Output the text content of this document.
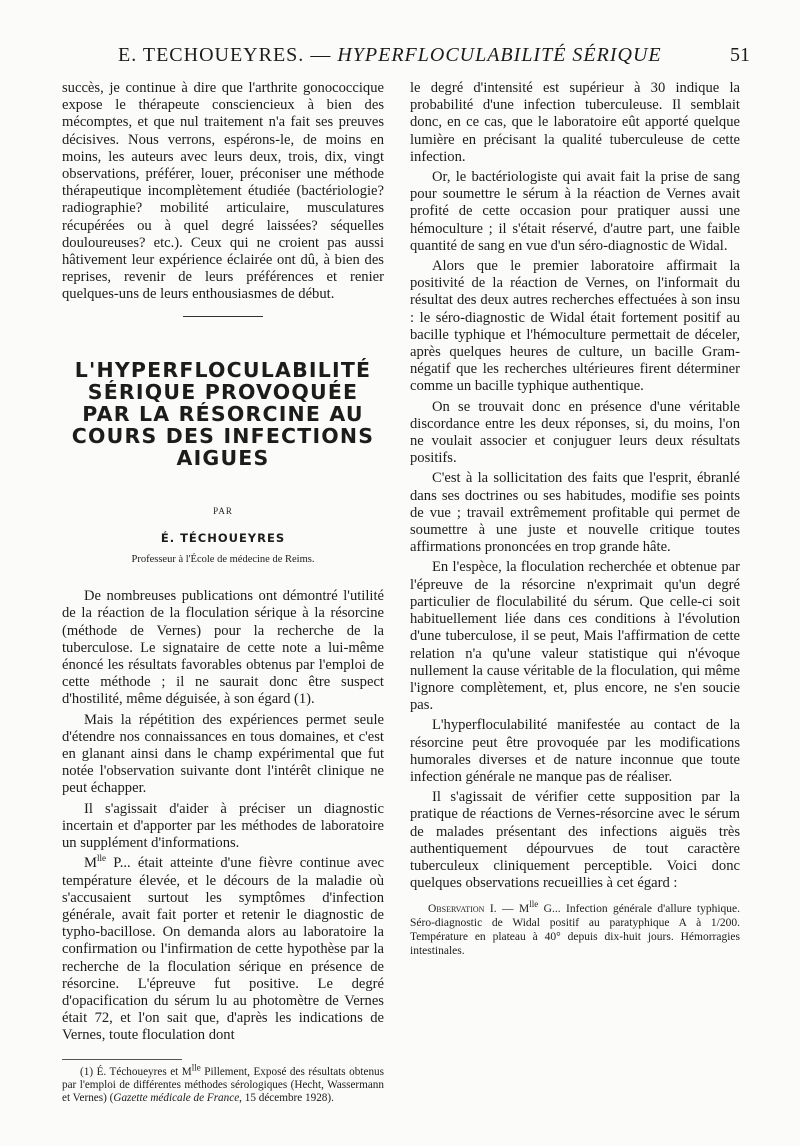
E. TECHOUEYRES. — HYPERFLOCULABILITÉ SÉRIQUE	51

succès, je continue à dire que l'arthrite gonococcique expose le thérapeute consciencieux à bien des mécomptes, et que nul traitement n'a fait ses preuves décisives. Nous verrons, espérons-le, de moins en moins, les auteurs avec leurs deux, trois, dix, vingt observations, préférer, louer, préconiser une méthode thérapeutique incomplètement étudiée (bactériologie? radiographie? mobilité articulaire, musculatures récupérées ou à quel degré laissées? séquelles douloureuses? etc.). Ceux qui ne croient pas aussi hâtivement leur expérience éclairée ont dû, à bien des reprises, revenir de leurs préférences et renier quelques-uns de leurs enthousiasmes de début.

L'HYPERFLOCULABILITÉ SÉRIQUE PROVOQUÉE PAR LA RÉSORCINE AU COURS DES INFECTIONS AIGUES
PAR
É. TÉCHOUEYRES
Professeur à l'École de médecine de Reims.

De nombreuses publications ont démontré l'utilité de la réaction de la floculation sérique à la résorcine (méthode de Vernes) pour la recherche de la tuberculose. Le signataire de cette note a lui-même énoncé les résultats favorables obtenus par l'emploi de cette méthode ; il ne saurait donc être suspect d'hostilité, même déguisée, à son égard (1).

Mais la répétition des expériences permet seule d'étendre nos connaissances en tous domaines, et c'est en glanant ainsi dans le champ expérimental que fut notée l'observation suivante dont l'intérêt clinique ne peut échapper.

Il s'agissait d'aider à préciser un diagnostic incertain et d'apporter par les méthodes de laboratoire un supplément d'informations.

$M^{lle}$ P... était atteinte d'une fièvre continue avec température élevée, et le décours de la maladie où s'accusaient surtout les symptômes d'infection générale, avait fait porter et retenir le diagnostic de typho-bacillose. On demanda alors au laboratoire la confirmation ou l'infirmation de cette hypothèse par la recherche de la floculation sérique en présence de résorcine. L'épreuve fut positive. Le degré d'opacification du sérum lu au photomètre de Vernes était 72, et l'on sait que, d'après les indications de Vernes, toute floculation dont

(1) É. Téchoueyres et $M^{lle}$ Pillement, Exposé des résultats obtenus par l'emploi de différentes méthodes sérologiques (Hecht, Wassermann et Vernes) (Gazette médicale de France, 15 décembre 1928).

le degré d'intensité est supérieur à 30 indique la probabilité d'une infection tuberculeuse. Il semblait donc, en ce cas, que le laboratoire eût apporté quelque lumière en précisant la qualité tuberculeuse de cette infection.

Or, le bactériologiste qui avait fait la prise de sang pour soumettre le sérum à la réaction de Vernes avait profité de cette occasion pour pratiquer aussi une hémoculture ; il s'était réservé, d'autre part, une faible quantité de sang en vue d'un séro-diagnostic de Widal.

Alors que le premier laboratoire affirmait la positivité de la réaction de Vernes, on l'informait du résultat des deux autres recherches effectuées à son insu : le séro-diagnostic de Widal était fortement positif au bacille typhique et l'hémoculture permettait de déceler, après quelques heures de culture, un bacille Gram-négatif que les recherches ultérieures firent déterminer comme un bacille typhique authentique.

On se trouvait donc en présence d'une véritable discordance entre les deux réponses, si, du moins, l'on ne voulait associer et conjuguer leurs deux résultats positifs.

C'est à la sollicitation des faits que l'esprit, ébranlé dans ses doctrines ou ses habitudes, modifie ses points de vue ; travail extrêmement profitable qui permet de soumettre à une juste et nouvelle critique toutes affirmations prononcées en trop grande hâte.

En l'espèce, la floculation recherchée et obtenue par l'épreuve de la résorcine n'exprimait qu'un degré particulier de floculabilité du sérum. Que celle-ci soit habituellement liée dans ces conditions à l'évolution d'une tuberculose, il se peut, Mais l'affirmation de cette relation n'a qu'une valeur statistique qui n'évoque nullement la cause véritable de la floculation, qui même l'ignore complètement, et, plus encore, ne s'en soucie pas.

L'hyperfloculabilité manifestée au contact de la résorcine peut être provoquée par les modifications humorales diverses et de nature inconnue que toute infection générale ne manque pas de réaliser.

Il s'agissait de vérifier cette supposition par la pratique de réactions de Vernes-résorcine avec le sérum de malades présentant des infections aiguës très authentiquement dépourvues de tout caractère tuberculeux cliniquement perceptible. Voici donc quelques observations recueillies à cet égard :

Observation I. — $M^{lle}$ G... Infection générale d'allure typhique. Séro-diagnostic de Widal positif au paratyphique A à 1/200. Température en plateau à 40° depuis dix-huit jours. Hémorragies intestinales.
